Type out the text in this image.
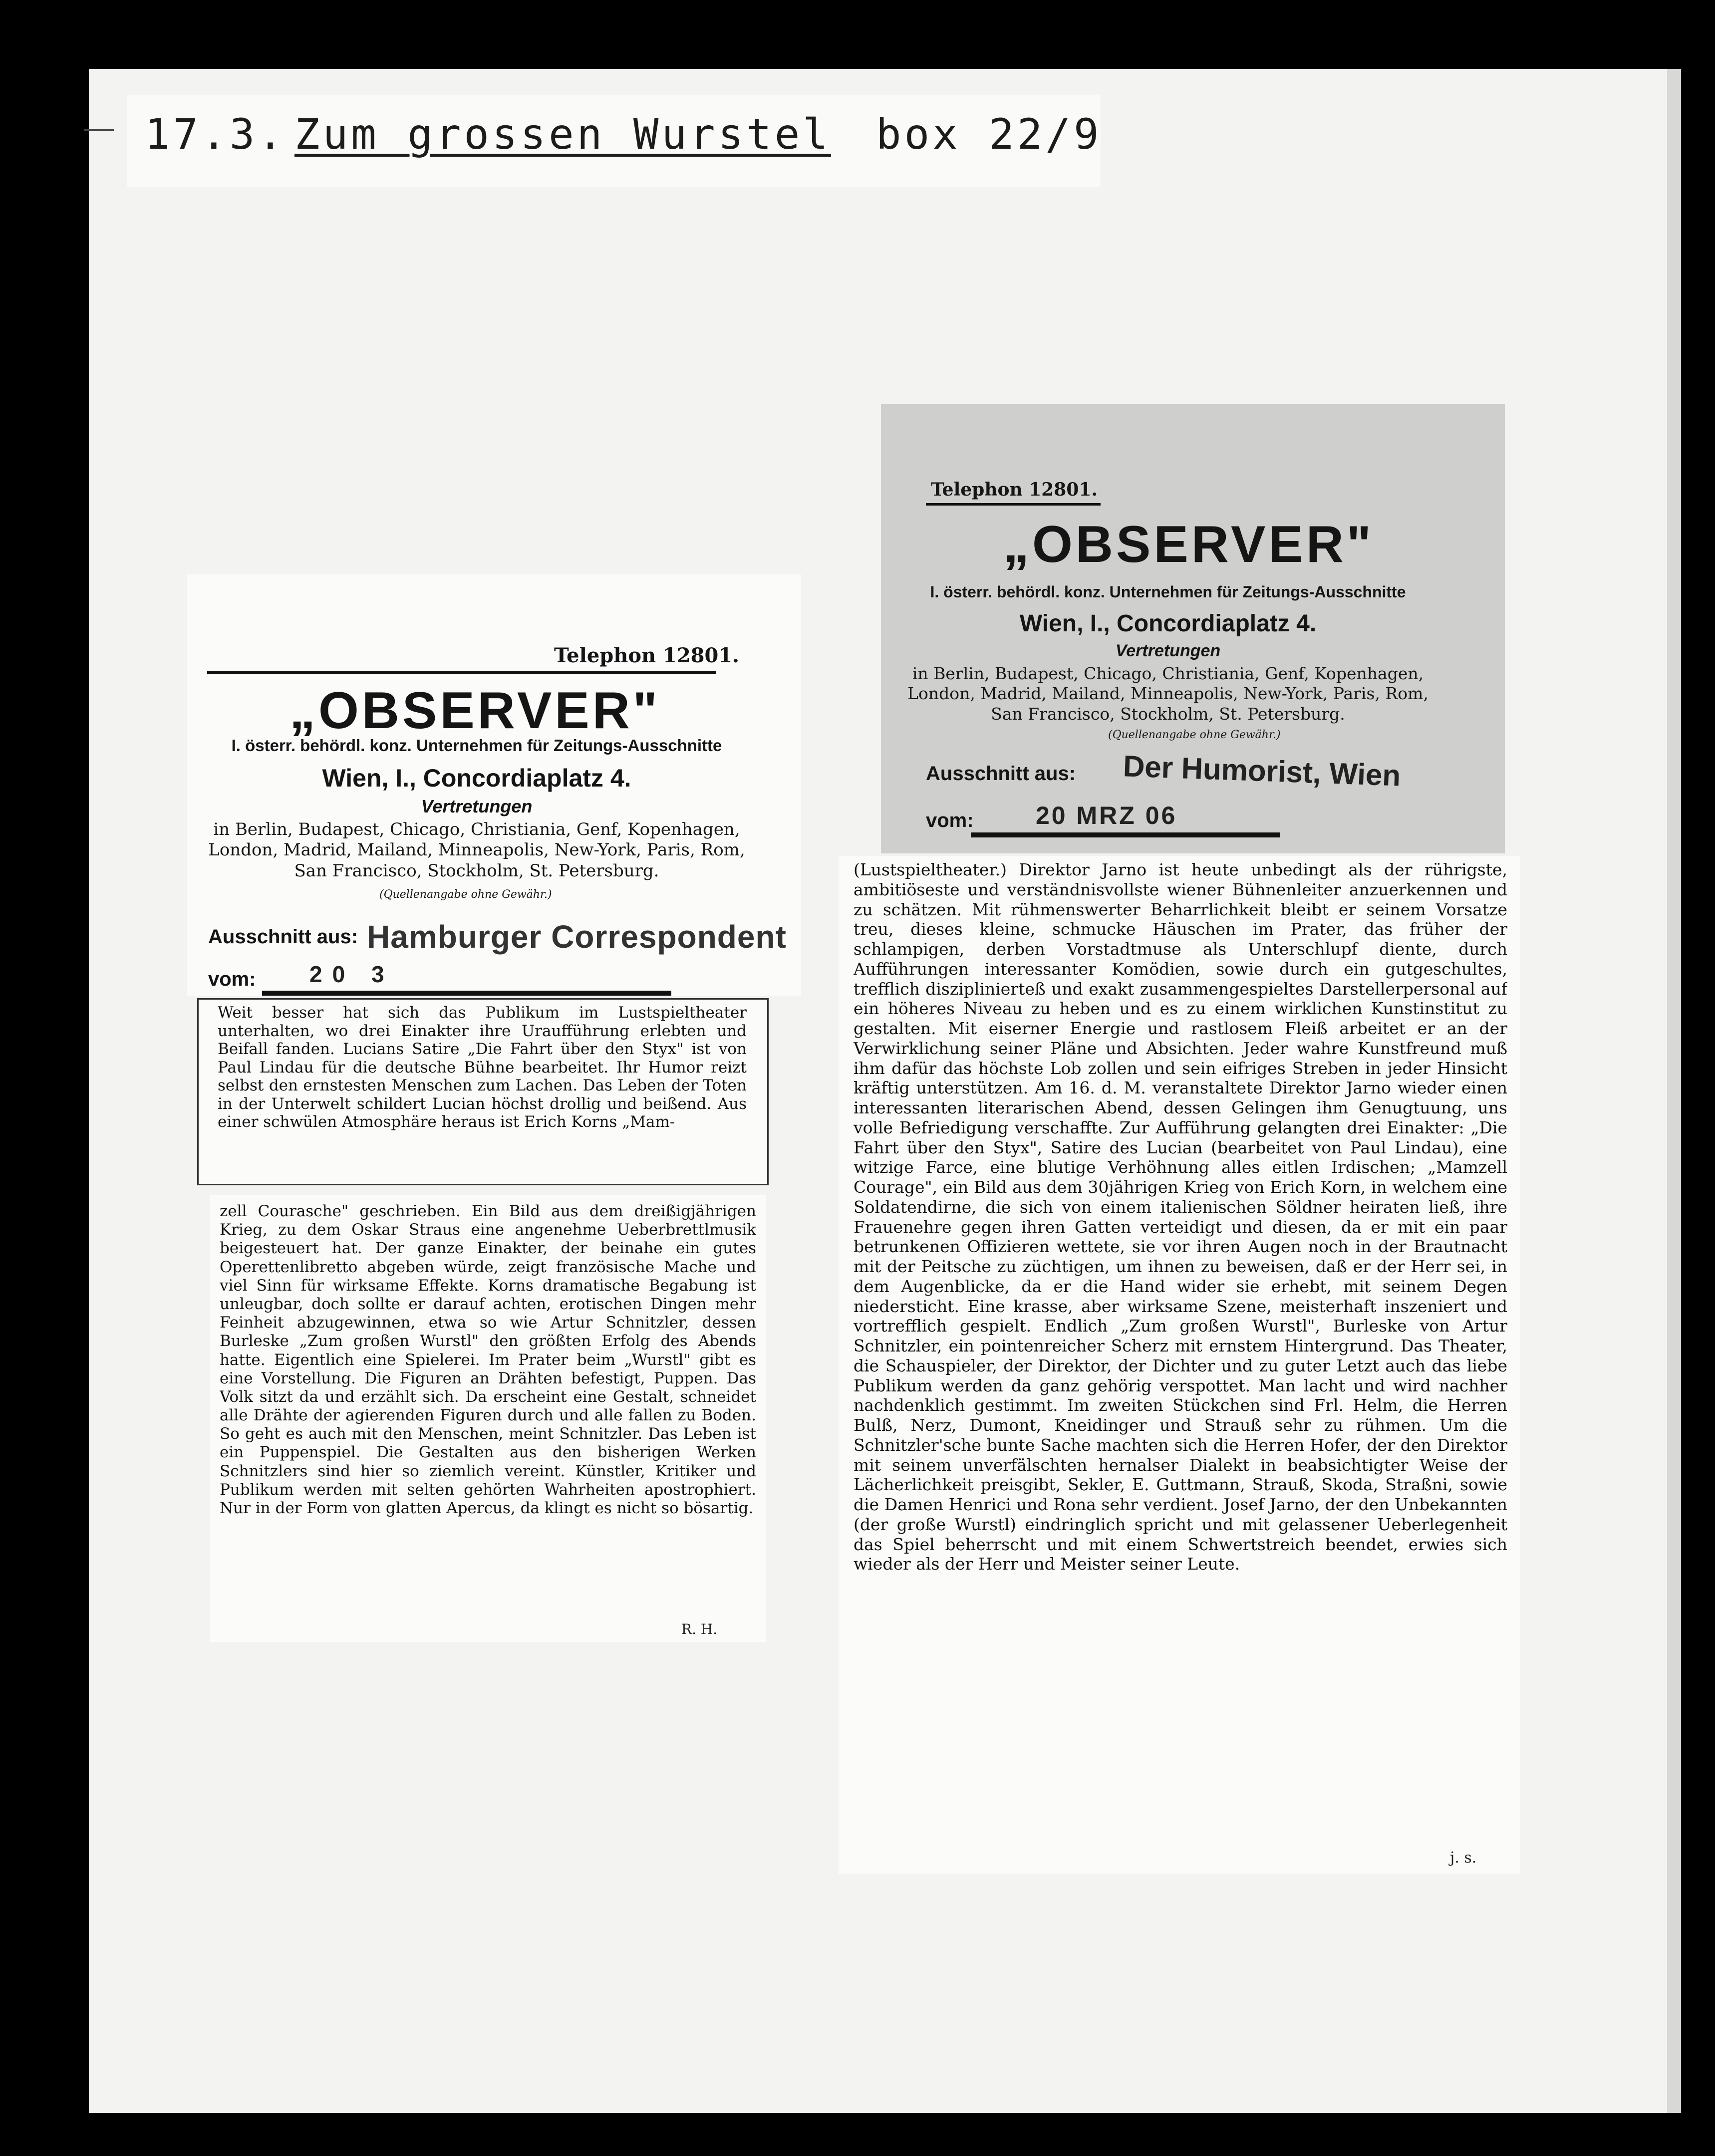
17.3. Zum grossen Wurstel box 22/9
Telephon 12801.
„OBSERVER"
I. österr. behördl. konz. Unternehmen für Zeitungs-Ausschnitte
Wien, I., Concordiaplatz 4.
Vertretungen
in Berlin, Budapest, Chicago, Christiania, Genf, Kopenhagen, London, Madrid, Mailand, Minneapolis, New-York, Paris, Rom, San Francisco, Stockholm, St. Petersburg.
(Quellenangabe ohne Gewähr.)
Ausschnitt aus: Hamburger Correspondent
vom: 20 3
Weit besser hat sich das Publikum im Lustspieltheater unterhalten, wo drei Einakter ihre Uraufführung erlebten und Beifall fanden. Lucians Satire „Die Fahrt über den Styx" ist von Paul Lindau für die deutsche Bühne bearbeitet. Ihr Humor reizt selbst den ernstesten Menschen zum Lachen. Das Leben der Toten in der Unterwelt schildert Lucian höchst drollig und beißend. Aus einer schwülen Atmosphäre heraus ist Erich Korns „Mam-
zell Courasche" geschrieben. Ein Bild aus dem dreißigjährigen Krieg, zu dem Oskar Straus eine angenehme Ueberbrettlmusik beigesteuert hat. Der ganze Einakter, der beinahe ein gutes Operettenlibretto abgeben würde, zeigt französische Mache und viel Sinn für wirksame Effekte. Korns dramatische Begabung ist unleugbar, doch sollte er darauf achten, erotischen Dingen mehr Feinheit abzugewinnen, etwa so wie Artur Schnitzler, dessen Burleske „Zum großen Wurstl" den größten Erfolg des Abends hatte. Eigentlich eine Spielerei. Im Prater beim „Wurstl" gibt es eine Vorstellung. Die Figuren an Drähten befestigt, Puppen. Das Volk sitzt da und erzählt sich. Da erscheint eine Gestalt, schneidet alle Drähte der agierenden Figuren durch und alle fallen zu Boden. So geht es auch mit den Menschen, meint Schnitzler. Das Leben ist ein Puppenspiel. Die Gestalten aus den bisherigen Werken Schnitzlers sind hier so ziemlich vereint. Künstler, Kritiker und Publikum werden mit selten gehörten Wahrheiten apostrophiert. Nur in der Form von glatten Apercus, da klingt es nicht so bösartig.
R. H.
Telephon 12801.
„OBSERVER"
I. österr. behördl. konz. Unternehmen für Zeitungs-Ausschnitte
Wien, I., Concordiaplatz 4.
Vertretungen
in Berlin, Budapest, Chicago, Christiania, Genf, Kopenhagen, London, Madrid, Mailand, Minneapolis, New-York, Paris, Rom, San Francisco, Stockholm, St. Petersburg.
(Quellenangabe ohne Gewähr.)
Ausschnitt aus: Der Humorist, Wien
vom: 20 MRZ 06
(Lustspieltheater.) Direktor Jarno ist heute unbedingt als der rührigste, ambitiöseste und verständnisvollste wiener Bühnenleiter anzuerkennen und zu schätzen. Mit rühmenswerter Beharrlichkeit bleibt er seinem Vorsatze treu, dieses kleine, schmucke Häuschen im Prater, das früher der schlampigen, derben Vorstadtmuse als Unterschlupf diente, durch Aufführungen interessanter Komödien, sowie durch ein gutgeschultes, trefflich disziplinierteß und exakt zusammengespieltes Darstellerpersonal auf ein höheres Niveau zu heben und es zu einem wirklichen Kunstinstitut zu gestalten. Mit eiserner Energie und rastlosem Fleiß arbeitet er an der Verwirklichung seiner Pläne und Absichten. Jeder wahre Kunstfreund muß ihm dafür das höchste Lob zollen und sein eifriges Streben in jeder Hinsicht kräftig unterstützen. Am 16. d. M. veranstaltete Direktor Jarno wieder einen interessanten literarischen Abend, dessen Gelingen ihm Genugtuung, uns volle Befriedigung verschaffte. Zur Aufführung gelangten drei Einakter: „Die Fahrt über den Styx", Satire des Lucian (bearbeitet von Paul Lindau), eine witzige Farce, eine blutige Verhöhnung alles eitlen Irdischen; „Mamzell Courage", ein Bild aus dem 30jährigen Krieg von Erich Korn, in welchem eine Soldatendirne, die sich von einem italienischen Söldner heiraten ließ, ihre Frauenehre gegen ihren Gatten verteidigt und diesen, da er mit ein paar betrunkenen Offizieren wettete, sie vor ihren Augen noch in der Brautnacht mit der Peitsche zu züchtigen, um ihnen zu beweisen, daß er der Herr sei, in dem Augenblicke, da er die Hand wider sie erhebt, mit seinem Degen niedersticht. Eine krasse, aber wirksame Szene, meisterhaft inszeniert und vortrefflich gespielt. Endlich „Zum großen Wurstl", Burleske von Artur Schnitzler, ein pointenreicher Scherz mit ernstem Hintergrund. Das Theater, die Schauspieler, der Direktor, der Dichter und zu guter Letzt auch das liebe Publikum werden da ganz gehörig verspottet. Man lacht und wird nachher nachdenklich gestimmt. Im zweiten Stückchen sind Frl. Helm, die Herren Bulß, Nerz, Dumont, Kneidinger und Strauß sehr zu rühmen. Um die Schnitzler'sche bunte Sache machten sich die Herren Hofer, der den Direktor mit seinem unverfälschten hernalser Dialekt in beabsichtigter Weise der Lächerlichkeit preisgibt, Sekler, E. Guttmann, Strauß, Skoda, Straßni, sowie die Damen Henrici und Rona sehr verdient. Josef Jarno, der den Unbekannten (der große Wurstl) eindringlich spricht und mit gelassener Ueberlegenheit das Spiel beherrscht und mit einem Schwertstreich beendet, erwies sich wieder als der Herr und Meister seiner Leute.
j. s.
